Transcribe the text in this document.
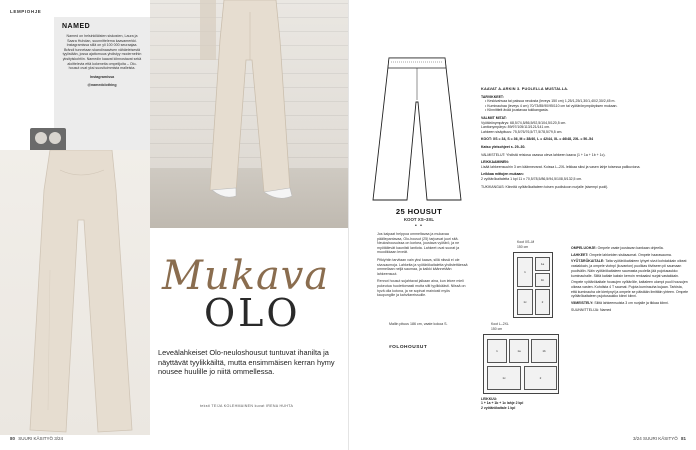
LEMPIOHJE
NAMED

Named on helsinkiläisten siskosten, Laura ja Saara Huhdan, suunnittelema kaavamerkki. Instagramissa sillä on yli 100 000 seuraajaa. Brändi tunnetaan skandinaavisen vähäeleisestä tyylistään, jossa ajattomuus yhdistyy moderneihin yksityiskohtiin. Namedin kaavat kiinnostavat sekä aloittelevia että kokeneita ompelijoita – Olo-housut ovat yksi suosituimmista malleista.

Instagramissa

@namedclothing

Mukava
OLO

Leveälahkeiset Olo-neuloshousut tuntuvat ihanilta ja näyttävät tyylikkäiltä, mutta ensimmäisen kerran hymy nousee huulille jo niitä ommellessa.

teksti TEIJA KOLEHMAINEN kuvat IRENA HUHTA
80 SUURI KÄSITYÖ 3/24
25 HOUSUT
KOOT XS–3XL
• •

Jos kaipaat helppoa ommeltavaa ja mukavaa päällepantavaa, Olo-housut (25) tarjoavat juuri sitä. Neuloshousuissa on korkea, joustava vyötärö, ja ne myötäilevät kauniisti lantiota. Lahkeet ovat suorat ja muodikkaan leveät.

Pitkiyhtin tarvitaan vain yksi kaava, sillä niissä ei ole sivusaumoja. Lahkeita ja vyötärökaitaletta yhdistettäessä ommellaan neljä saumaa, ja kaikki käännetään lahkeensuut.

Rennot housut sujahtavat jalkaan aina, kun lekee mieli pukeutua huolettomasti mutta silti tyylikkäästi. Niissä on hyvä olla kotona, ja ne sopivat mainiosti myös kaupungille ja kahvilareissuille.

Mallin pituus 186 cm, vaate kokoa S.
#OLOHOUSUT
KAAVAT A-ARKIN 3. PUOLELLA MUSTALLA.
TARVIKKEET:
• Keskivahvaa tai paksua neulosta (leveys 150 cm) 1,25/1,25/1,30/1,40/2,30/2,45 m.
• Kuminauhaa (leveys 4 cm) 70/73/85/90/95/110 cm tai vyötärönympäryksen mukaan.
• Kiinnitttelt ävää joustavaa tukikangasta.
VALMIIT MITAT:
Vyötärönympärys: 68,5/74,5/86,5/92,5/104,5/120,5 cm.
Lantionympärys: 89/97/105/113/121/141 cm.
Lahkeen sisäpituus: 75,5/76/76,5/77,5/78,5/79,5 cm.
KOOT: XS = 34, S = 36, M = 38/40, L = 42/44, XL = 46/48, 2XL = 50–54
Katso yleisohjeet s. 29–30.
VALMISTELUT: Yhdistä reisiosa osassa oleva lahkeen kaava (1 + 1a + 1b + 1c).
LEIKKAAMINEN:
Lisää lahkeensuuhin 3 cm käännevarat. Koissa L–2XL leikkaa siksi ja vasen lahje toisessa palikuviona.
Leikkaa mittojen mukaan:
2 vyötärökaitaleita 1 kpl 11 x 70,5/78,5/86,5/94,5/108,5/132,5 cm.
TUKIKANGAS: Kiinnitä vyötärökaitaleen toisen puoliskoon nurjalle (sisempi puoli).
Koot XS–M
150 cm
1
1a
1b
1c	2
Koot L–2XL
150 cm
1	1a	1b
1c	2
LEIKKUU:
1 + 1a + 1b + 1c lahje 2 kpl
2 vyötärökaitale 1 kpl

OMPELUOHJE: Ompele vaate joustavan kankaan ohjeella.

LAHKEET: Ompele lahkeiden sisäsaumat. Ompele haarasauma.

VYÖTÄRÖKAITALE: Taita vyötärökaitaleen lyhyet sivut kohdakkain oikeat vastakkain, ja ompele vlotnpl (kuvanton) puolikas tiiviiseen pii saumaan puolivälin. Näin vyötärökaitaleen saumasta puolella jää pujotusaukko kuminauhalle. Silitä kaitale kaksin kerroin renkaaksi nurjat vastakkain.

Ompele vyötärökaitale housujen vyötärölle, kaitaleen ulompi puoli housujen oikeaa vasten. Kohdista 4 T saumat. Pujota kuminauha kujaan. Tarkista, että kuminauha ole kiertynyt ja ompele se päistään limittäin yhteen. Ompele vyötärökaitaleen pujotusaukko kiinni kiinni.

VIIMEISTELY: Silitä lahkeensuista 3 cm nurjalle ja tikkaa kiinni.

SUUNNITTELIJA: Named

3/24 SUURI KÄSITYÖ 81
